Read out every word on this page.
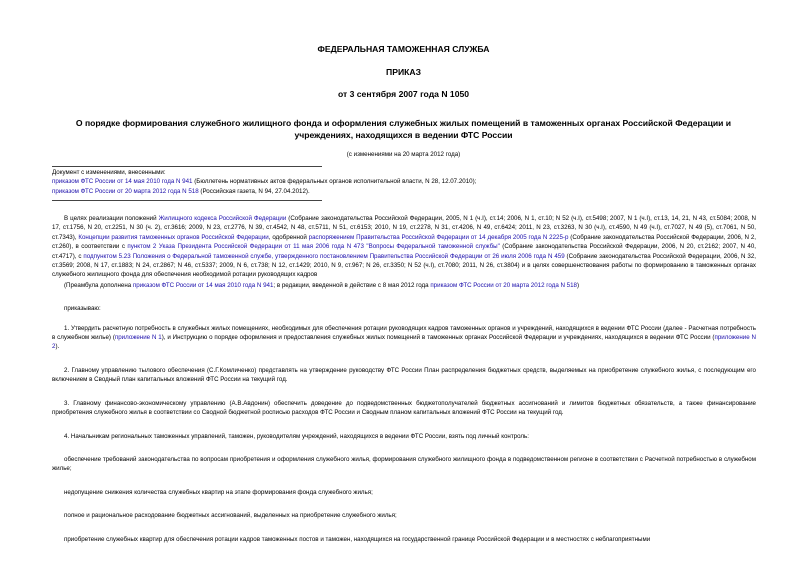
ФЕДЕРАЛЬНАЯ ТАМОЖЕННАЯ СЛУЖБА
ПРИКАЗ
от 3 сентября 2007 года N 1050
О порядке формирования служебного жилищного фонда и оформления служебных жилых помещений в таможенных органах Российской Федерации и учреждениях, находящихся в ведении ФТС России
(с изменениями на 20 марта 2012 года)
Документ с изменениями, внесенными:
приказом ФТС России от 14 мая 2010 года N 941 (Бюллетень нормативных актов федеральных органов исполнительной власти, N 28, 12.07.2010);
приказом ФТС России от 20 марта 2012 года N 518 (Российская газета, N 94, 27.04.2012).

В целях реализации положений Жилищного кодекса Российской Федерации (Собрание законодательства Российской Федерации, 2005, N 1 (ч.I), ст.14; 2006, N 1, ст.10; N 52 (ч.I), ст.5498; 2007, N 1 (ч.I), ст.13, 14, 21, N 43, ст.5084; 2008, N 17, ст.1756, N 20, ст.2251, N 30 (ч. 2), ст.3616; 2009, N 23, ст.2776, N 39, ст.4542, N 48, ст.5711, N 51, ст.6153; 2010, N 19, ст.2278, N 31, ст.4206, N 49, ст.6424; 2011, N 23, ст.3263, N 30 (ч.I), ст.4590, N 49 (ч.I), ст.7027, N 49 (5), ст.7061, N 50, ст.7343), Концепции развития таможенных органов Российской Федерации, одобренной распоряжением Правительства Российской Федерации от 14 декабря 2005 года N 2225-р (Собрание законодательства Российской Федерации, 2006, N 2, ст.260), в соответствии с пунктом 2 Указа Президента Российской Федерации от 11 мая 2006 года N 473 "Вопросы Федеральной таможенной службы" (Собрание законодательства Российской Федерации, 2006, N 20, ст.2162; 2007, N 40, ст.4717), с подпунктом 5.23 Положения о Федеральной таможенной службе, утвержденного постановлением Правительства Российской Федерации от 26 июля 2006 года N 459 (Собрание законодательства Российской Федерации, 2006, N 32, ст.3569; 2008, N 17, ст.1883; N 24, ст.2867; N 46, ст.5337; 2009, N 6, ст.738; N 12, ст.1429; 2010, N 9, ст.967; N 26, ст.3350; N 52 (ч.I), ст.7080; 2011, N 26, ст.3804) и в целях совершенствования работы по формированию в таможенных органах служебного жилищного фонда для обеспечения необходимой ротации руководящих кадров

(Преамбула дополнена приказом ФТС России от 14 мая 2010 года N 941; в редакции, введенной в действие с 8 мая 2012 года приказом ФТС России от 20 марта 2012 года N 518)

приказываю:

1. Утвердить расчетную потребность в служебных жилых помещениях, необходимых для обеспечения ротации руководящих кадров таможенных органов и учреждений, находящихся в ведении ФТС России (далее - Расчетная потребность в служебном жилье) (приложение N 1), и Инструкцию о порядке оформления и предоставления служебных жилых помещений в таможенных органах Российской Федерации и учреждениях, находящихся в ведении ФТС России (приложение N 2).

2. Главному управлению тылового обеспечения (С.Г.Комличенко) представлять на утверждение руководству ФТС России План распределения бюджетных средств, выделяемых на приобретение служебного жилья, с последующим его включением в Сводный план капитальных вложений ФТС России на текущий год.

3. Главному финансово-экономическому управлению (А.В.Авдонин) обеспечить доведение до подведомственных бюджетополучателей бюджетных ассигнований и лимитов бюджетных обязательств, а также финансирование приобретения служебного жилья в соответствии со Сводной бюджетной росписью расходов ФТС России и Сводным планом капитальных вложений ФТС России на текущий год.

4. Начальникам региональных таможенных управлений, таможен, руководителям учреждений, находящихся в ведении ФТС России, взять под личный контроль:

обеспечение требований законодательства по вопросам приобретения и оформления служебного жилья, формирования служебного жилищного фонда в подведомственном регионе в соответствии с Расчетной потребностью в служебном жилье;

недопущение снижения количества служебных квартир на этапе формирования фонда служебного жилья;

полное и рациональное расходование бюджетных ассигнований, выделенных на приобретение служебного жилья;

приобретение служебных квартир для обеспечения ротации кадров таможенных постов и таможен, находящихся на государственной границе Российской Федерации и в местностях с неблагоприятными
